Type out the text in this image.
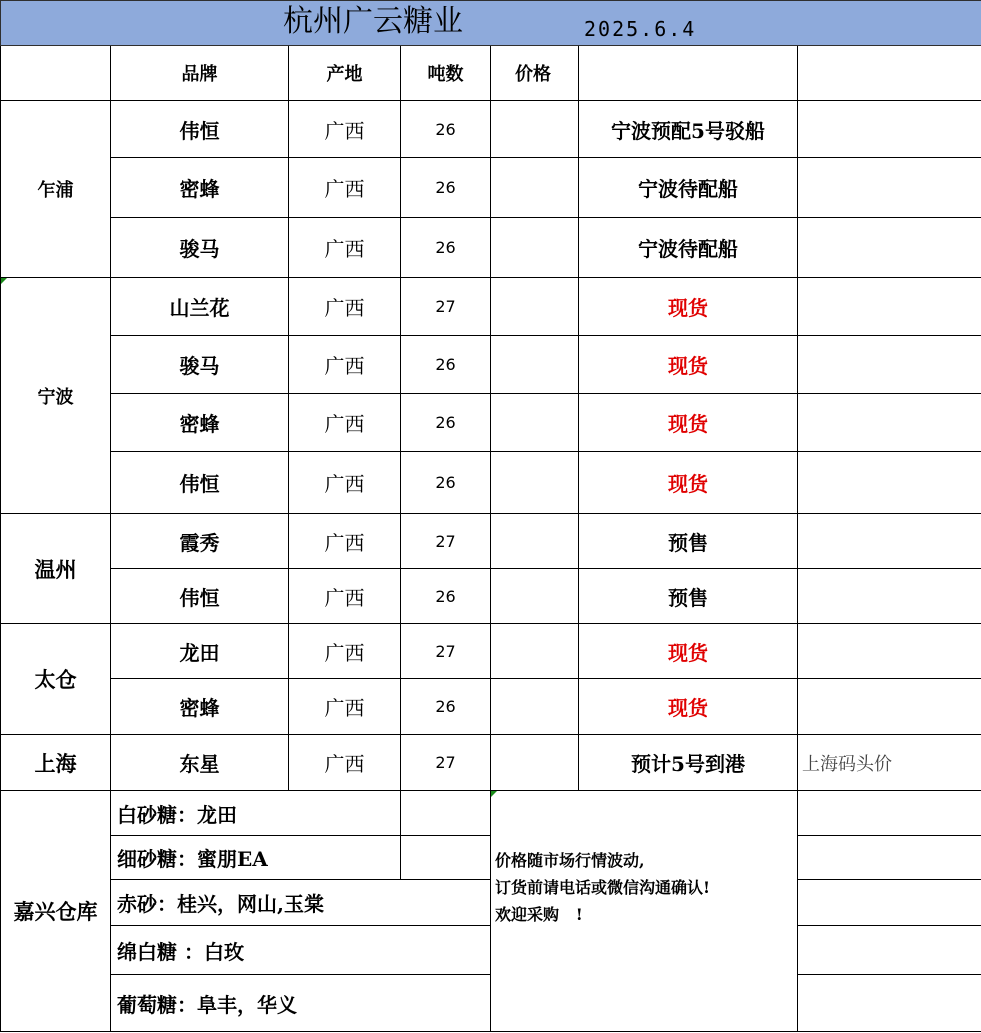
杭州广云糖业 2025.6.4						

	品牌	产地	吨数	价格		
乍浦	伟恒	广西	26		宁波预配5号驳船	
	密蜂	广西	26		宁波待配船	
	骏马	广西	26		宁波待配船	
宁波	山兰花	广西	27		现货	
	骏马	广西	26		现货	
	密蜂	广西	26		现货	
	伟恒	广西	26		现货	
温州	霞秀	广西	27		预售	
	伟恒	广西	26		预售	
太仓	龙田	广西	27		现货	
	密蜂	广西	26		现货	
上海	东星	广西	27		预计5号到港	上海码头价
嘉兴仓库	白砂糖：龙田			价格随市场行情波动,
订货前请电话或微信沟通确认!
欢迎采购   !		

	细砂糖：蜜朋EA					
	赤砂：桂兴，网山,玉棠					
	绵白糖 ：白玫					
	葡萄糖：阜丰，华义					
